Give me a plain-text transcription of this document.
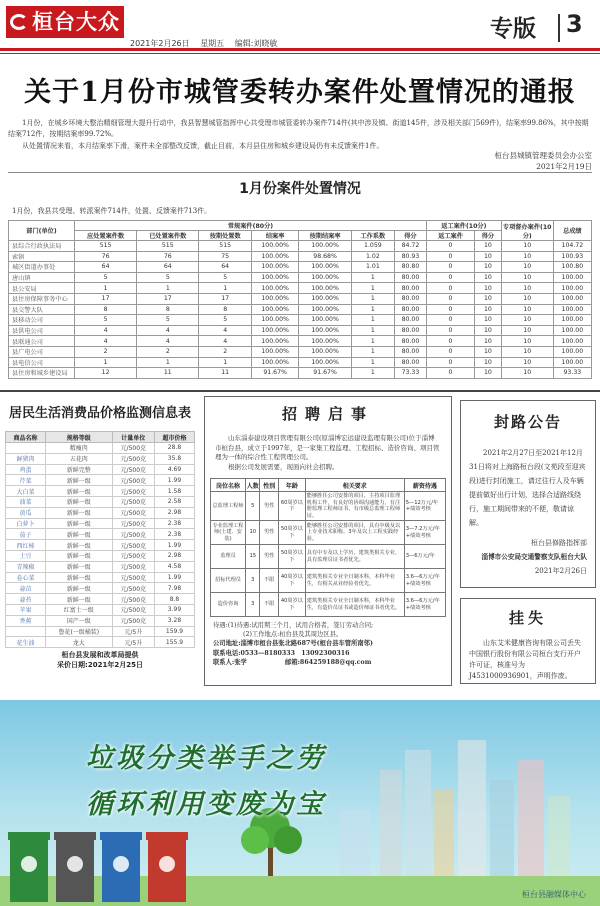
桓台大众
2021年2月26日 星期五 编辑:刘晓敏
专版 3
关于1月份市城管委转办案件处置情况的通报

1月份，在城乡环境大整治精细管理大提升行动中，我县智慧城管指挥中心共受理市城管委转办案件714件(其中涉及镇、街道145件，涉及相关部门569件)，结案率99.86%，其中按期结案712件，按期结案率99.72%。

从处置情况来看，本月结案率下滑，案件未全部整改反馈，截止目前，本月县住房和城乡建设局仍有未反馈案件1件。

桓台县城镇管理委员会办公室
2021年2月19日
1月份案件处置情况
1月份，我县共受理、转派案件714件，处置、反馈案件713件。
部门(单位)	常规案件(80分)							返工案件(10分)		专项督办案件(10分)	总成绩
	应处置案件数	已处置案件数	按期处置数	结案率	按期结案率	工作系数	得分	返工案件	得分		
县综合行政执法局	515	515	515	100.00%	100.00%	1.059	84.72	0	10	10	104.72
索镇	76	76	75	100.00%	98.68%	1.02	80.93	0	10	10	100.93
城区街道办事处	64	64	64	100.00%	100.00%	1.01	80.80	0	10	10	100.80
唐山镇	5	5	5	100.00%	100.00%	1	80.00	0	10	10	100.00
县公安局	1	1	1	100.00%	100.00%	1	80.00	0	10	10	100.00
县住房保障事务中心	17	17	17	100.00%	100.00%	1	80.00	0	10	10	100.00
县交警大队	8	8	8	100.00%	100.00%	1	80.00	0	10	10	100.00
县移动公司	5	5	5	100.00%	100.00%	1	80.00	0	10	10	100.00
县供电公司	4	4	4	100.00%	100.00%	1	80.00	0	10	10	100.00
县联通公司	4	4	4	100.00%	100.00%	1	80.00	0	10	10	100.00
县广电公司	2	2	2	100.00%	100.00%	1	80.00	0	10	10	100.00
县电信公司	1	1	1	100.00%	100.00%	1	80.00	0	10	10	100.00
县住房和城乡建设局	12	11	11	91.67%	91.67%	1	73.33	0	10	10	93.33
居民生活消费品价格监测信息表
商品名称	规格等级	计量单位	超市价格
	精瘦肉	元/500克	28.8
鲜猪肉	五花肉	元/500克	35.8
鸡蛋	新鲜完整	元/500克	4.69
芹菜	新鲜一级	元/500克	1.99
大白菜	新鲜一级	元/500克	1.58
油菜	新鲜一级	元/500克	2.58
黄瓜	新鲜一级	元/500克	2.98
白萝卜	新鲜一级	元/500克	2.38
茄子	新鲜一级	元/500克	2.38
西红柿	新鲜一级	元/500克	1.99
土豆	新鲜一级	元/500克	2.98
青辣椒	新鲜一级	元/500克	4.58
卷心菜	新鲜一级	元/500克	1.99
蒜苗	新鲜一级	元/500克	7.98
蒜苔	新鲜一级	元/500克	8.8
苹果	红富士一级	元/500克	3.99
香蕉	国产一级	元/500克	3.28
	鲁花(一级桶装)	元/5升	159.9
花生油	龙大	元/5升	155.9
桓台县发展和改革局提供
采价日期:2021年2月25日
招聘启事

山东淄泰建设项目管理有限公司(原淄博宏远建设监理有限公司)位于淄博市桓台县，成立于1997年，是一家集工程监理、工程招标、造价咨询、项目管理为一体的综合性工程管理公司。

根据公司发展需要，现面向社会招聘。

岗位名称	人数	性别	年龄	相关要求	薪资待遇
总监理工程师	5	男性	60周岁以下	能够胜任公司安排的项目，主持项目监理机构工作，有良好的协调沟通能力，有注册监理工程师证书，有市级总监理工程师证。	5—12万元/年+绩效考核
专业监理工程师(土建、安装)	10	男性	50周岁以下	能够胜任公司安排的项目，具有中级及以上专业技术职称，3年及以上工程实践经验。	3—7.2万元/年+绩效考核
监理员	15	男性	50周岁以下	具有中专及以上学历，建筑类相关专业，具有监理员证书者优先。	3—6万元/年
招标代理员	3	不限	40周岁以下	建筑类相关专业全日制本科，本科毕业生，有相关从业经验者优先。	3.6—6万元/年+绩效考核
造价咨询	3	不限	40周岁以下	建筑类相关专业全日制本科，本科毕业生，有造价员证书或造价师证书者优先。	3.6—6万元/年+绩效考核
待遇:(1)待遇:试用期三个月，试用合格者，签订劳动合同;
(2)工作地点:桓台县及其周边区县。
公司地址:淄博市桓台县张北路687号(桓台县车管所南邻)
联系电话:0533—8180333　13092300316
联系人:张学	邮箱:864259188@qq.com
封路公告
2021年2月27日至2021年12月31日将对上海路桓台段(文苑段至迎宾段)进行封闭施工，请过往行人及车辆提前做好出行计划，选择合适路线绕行，施工期间带来的不便，敬请谅解。
桓台县修路指挥部
淄博市公安局交通警察支队桓台大队
2021年2月26日
挂失
山东艾米健康咨询有限公司丢失中国银行股份有限公司桓台支行开户许可证，核准号为J4531000936901，声明作废。
垃圾分类举手之劳
循环利用变废为宝
桓台县融媒体中心
